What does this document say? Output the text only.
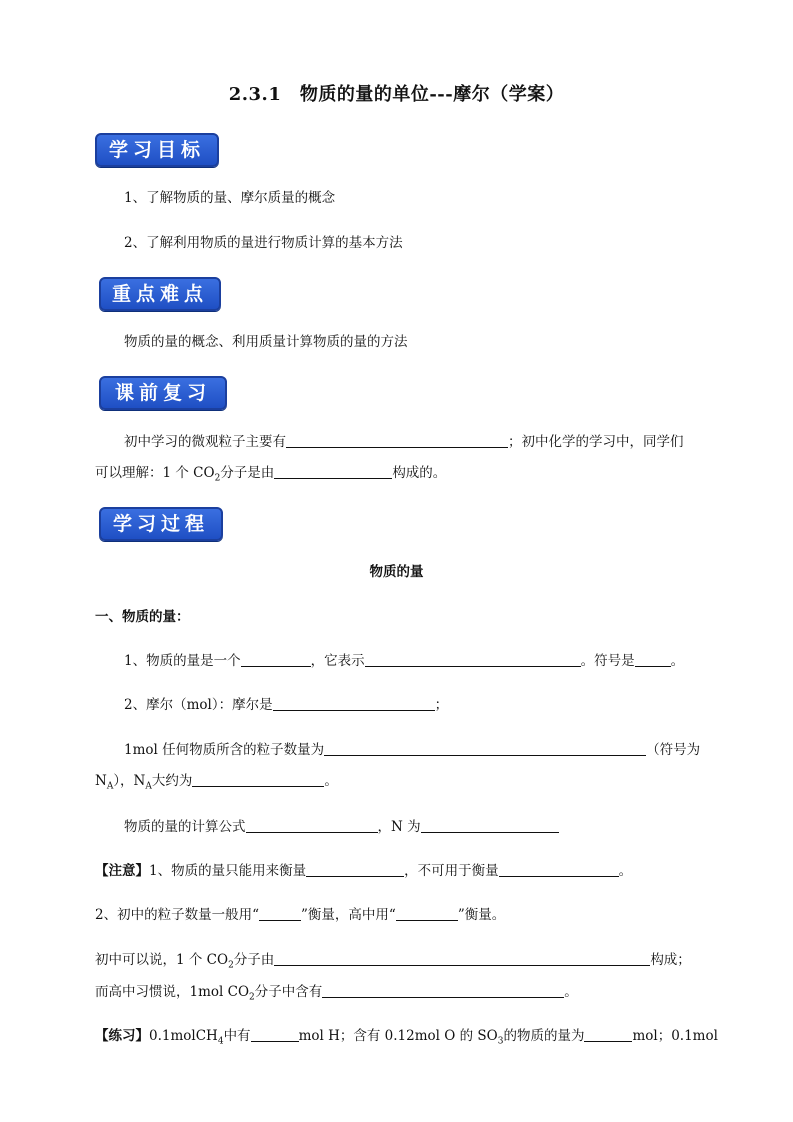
2.3.1　物质的量的单位---摩尔（学案）
学习目标
1、了解物质的量、摩尔质量的概念
2、了解利用物质的量进行物质计算的基本方法
重点难点
物质的量的概念、利用质量计算物质的量的方法
课前复习
初中学习的微观粒子主要有	；初中化学的学习中，同学们
可以理解：1 个 $CO_2$分子是由	构成的。
学习过程
物质的量
一、物质的量：
1、物质的量是一个	，它表示	。符号是	。
2、摩尔（mol）：摩尔是	；
1mol 任何物质所含的粒子数量为	（符号为
$N_A$），$N_A$大约为	。
物质的量的计算公式	，N 为
【注意】1、物质的量只能用来衡量	，不可用于衡量	。
2、初中的粒子数量一般用“	”衡量，高中用“	”衡量。
初中可以说，1 个 $CO_2$分子由	构成；
而高中习惯说，1mol $CO_2$分子中含有	。
【练习】0.1molCH$_4$中有	mol H；含有 0.12mol O 的 $SO_3$的物质的量为	mol；0.1mol
